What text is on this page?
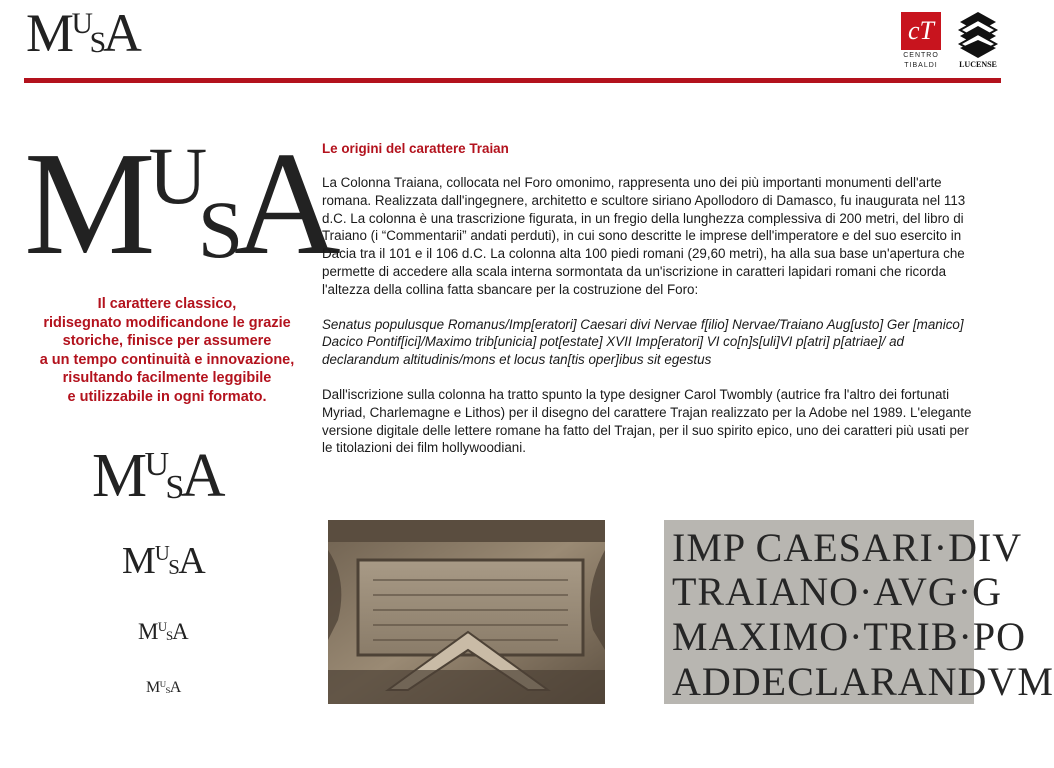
MUSA	cT
CENTRO
TIBALDI	LUCENSE
MUSA
Il carattere classico,
ridisegnato modificandone le grazie
storiche, finisce per assumere
a un tempo continuità e innovazione,
risultando facilmente leggibile
e utilizzabile in ogni formato.
MUSA
MUSA
MUSA
MUSA
Le origini del carattere Traian

La Colonna Traiana, collocata nel Foro omonimo, rappresenta uno dei più importanti monumenti dell'arte romana. Realizzata dall'ingegnere, architetto e scultore siriano Apollodoro di Damasco, fu inaugurata nel 113 d.C. La colonna è una trascrizione figurata, in un fregio della lunghezza complessiva di 200 metri, del libro di Traiano (i “Commentarii” andati perduti), in cui sono descritte le imprese dell'imperatore e del suo esercito in Dacia tra il 101 e il 106 d.C. La colonna alta 100 piedi romani (29,60 metri), ha alla sua base un'apertura che permette di accedere alla scala interna sormontata da un'iscrizione in caratteri lapidari romani che ricorda l'altezza della collina fatta sbancare per la costruzione del Foro:

Senatus populusque Romanus/Imp[eratori] Caesari divi Nervae f[ilio] Nervae/Traiano Aug[usto] Ger [manico] Dacico Pontif[ici]/Maximo trib[unicia] pot[estate] XVII Imp[eratori] VI co[n]s[uli]VI p[atri] p[atriae]/ ad declarandum altitudinis/mons et locus tan[tis oper]ibus sit egestus

Dall'iscrizione sulla colonna ha tratto spunto la type designer Carol Twombly (autrice fra l'altro dei fortunati Myriad, Charlemagne e Lithos) per il disegno del carattere Trajan realizzato per la Adobe nel 1989. L'elegante versione digitale delle lettere romane ha fatto del Trajan, per il suo spirito epico, uno dei caratteri più usati per le titolazioni dei film hollywoodiani.

IMP CAESARI·DIV
TRAIANO·AVG·G
MAXIMO·TRIB·PO
ADDECLARANDVM
